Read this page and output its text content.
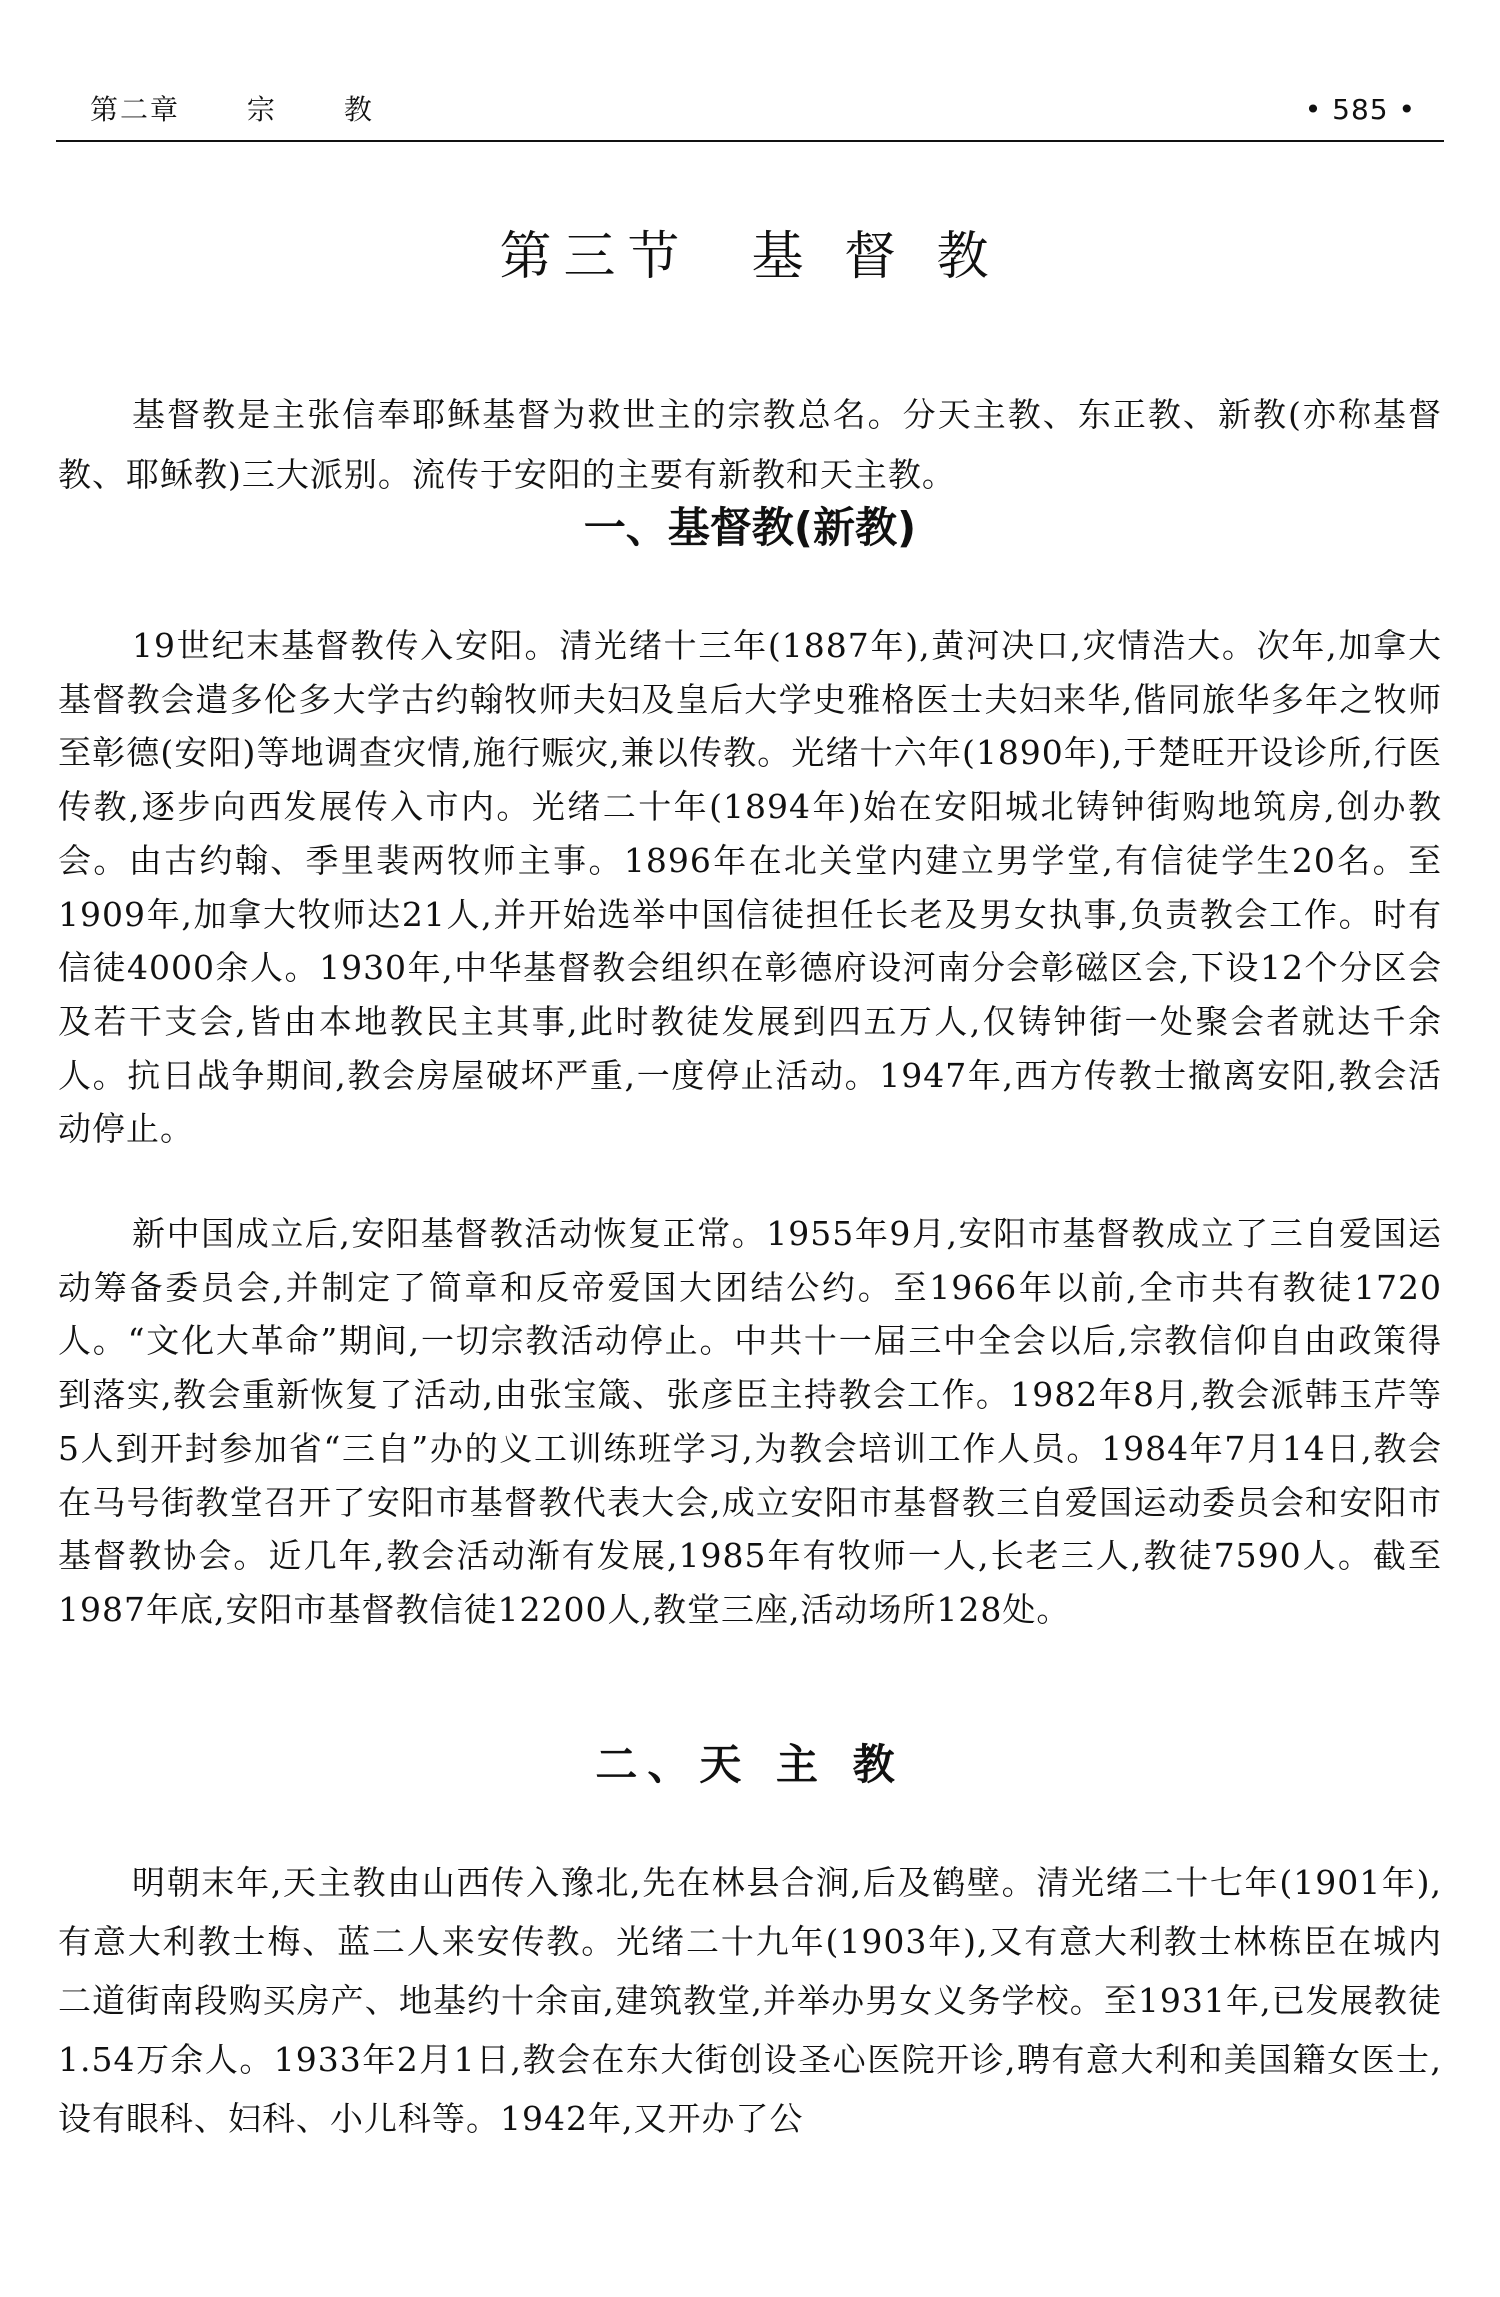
第二章 宗 教	• 585 •
第三节 基 督 教

基督教是主张信奉耶稣基督为救世主的宗教总名。分天主教、东正教、新教(亦称基督教、耶稣教)三大派别。流传于安阳的主要有新教和天主教。

一、基督教(新教)

19世纪末基督教传入安阳。清光绪十三年(1887年),黄河决口,灾情浩大。次年,加拿大基督教会遣多伦多大学古约翰牧师夫妇及皇后大学史雅格医士夫妇来华,偕同旅华多年之牧师至彰德(安阳)等地调查灾情,施行赈灾,兼以传教。光绪十六年(1890年),于楚旺开设诊所,行医传教,逐步向西发展传入市内。光绪二十年(1894年)始在安阳城北铸钟街购地筑房,创办教会。由古约翰、季里裴两牧师主事。1896年在北关堂内建立男学堂,有信徒学生20名。至1909年,加拿大牧师达21人,并开始选举中国信徒担任长老及男女执事,负责教会工作。时有信徒4000余人。1930年,中华基督教会组织在彰德府设河南分会彰磁区会,下设12个分区会及若干支会,皆由本地教民主其事,此时教徒发展到四五万人,仅铸钟街一处聚会者就达千余人。抗日战争期间,教会房屋破坏严重,一度停止活动。1947年,西方传教士撤离安阳,教会活动停止。

新中国成立后,安阳基督教活动恢复正常。1955年9月,安阳市基督教成立了三自爱国运动筹备委员会,并制定了简章和反帝爱国大团结公约。至1966年以前,全市共有教徒1720人。“文化大革命”期间,一切宗教活动停止。中共十一届三中全会以后,宗教信仰自由政策得到落实,教会重新恢复了活动,由张宝箴、张彦臣主持教会工作。1982年8月,教会派韩玉芹等5人到开封参加省“三自”办的义工训练班学习,为教会培训工作人员。1984年7月14日,教会在马号街教堂召开了安阳市基督教代表大会,成立安阳市基督教三自爱国运动委员会和安阳市基督教协会。近几年,教会活动渐有发展,1985年有牧师一人,长老三人,教徒7590人。截至1987年底,安阳市基督教信徒12200人,教堂三座,活动场所128处。

二、天 主 教

明朝末年,天主教由山西传入豫北,先在林县合涧,后及鹤壁。清光绪二十七年(1901年),有意大利教士梅、蓝二人来安传教。光绪二十九年(1903年),又有意大利教士林栋臣在城内二道街南段购买房产、地基约十余亩,建筑教堂,并举办男女义务学校。至1931年,已发展教徒1.54万余人。1933年2月1日,教会在东大街创设圣心医院开诊,聘有意大利和美国籍女医士,设有眼科、妇科、小儿科等。1942年,又开办了公
